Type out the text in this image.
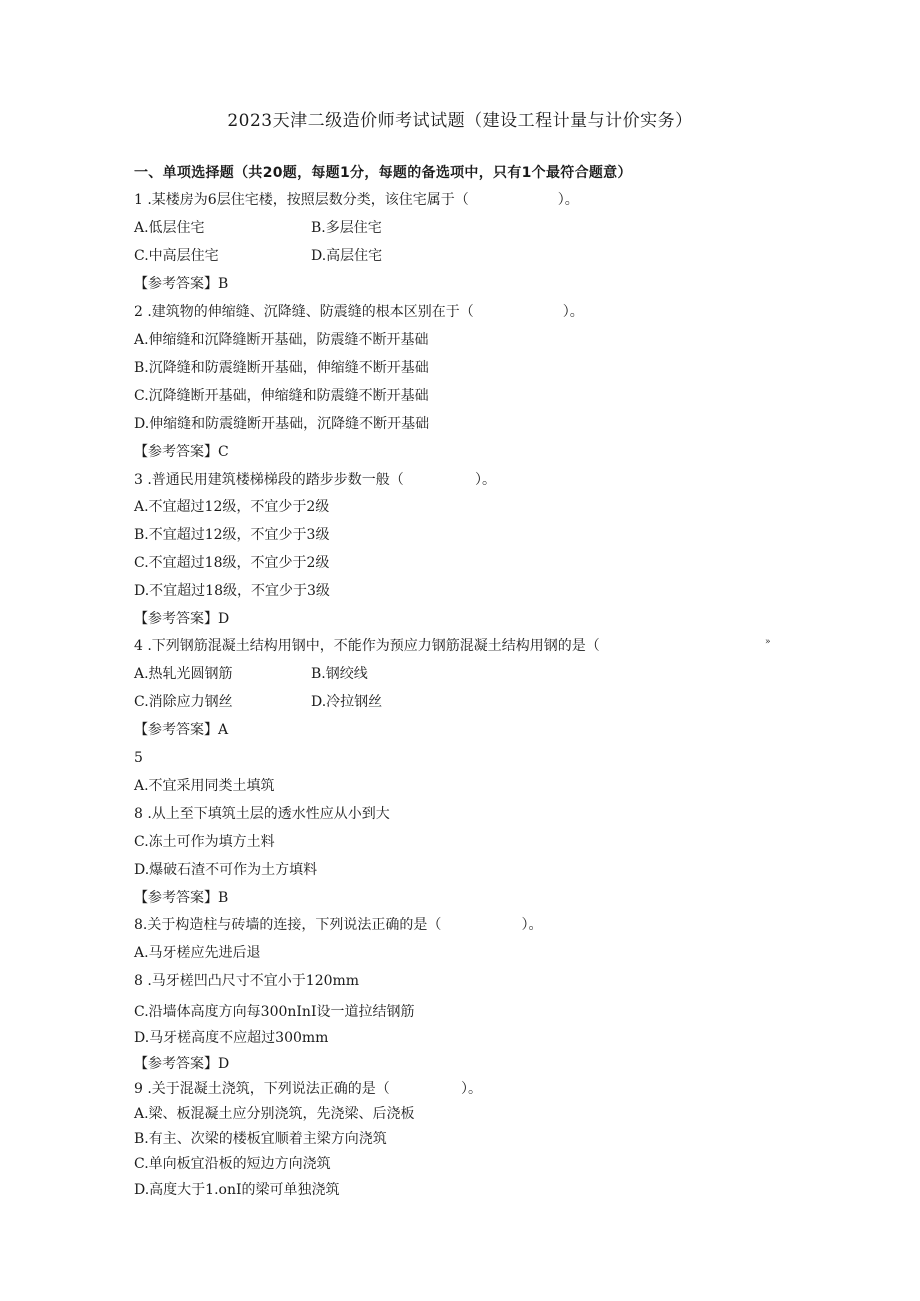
2023天津二级造价师考试试题（建设工程计量与计价实务）
一、单项选择题（共20题，每题1分，每题的备选项中，只有1个最符合题意）
1 .某楼房为6层住宅楼，按照层数分类，该住宅属于（                    ）。
A.低层住宅	B.多层住宅
C.中高层住宅	D.高层住宅
【参考答案】B
2 .建筑物的伸缩缝、沉降缝、防震缝的根本区别在于（                    ）。
A.伸缩缝和沉降缝断开基础，防震缝不断开基础
B.沉降缝和防震缝断开基础，伸缩缝不断开基础
C.沉降缝断开基础，伸缩缝和防震缝不断开基础
D.伸缩缝和防震缝断开基础，沉降缝不断开基础
【参考答案】C
3 .普通民用建筑楼梯梯段的踏步步数一般（                ）。
A.不宜超过12级，不宜少于2级
B.不宜超过12级，不宜少于3级
C.不宜超过18级，不宜少于2级
D.不宜超过18级，不宜少于3级
【参考答案】D
4 .下列钢筋混凝土结构用钢中，不能作为预应力钢筋混凝土结构用钢的是（
A.热轧光圆钢筋	B.钢绞线
C.消除应力钢丝	D.冷拉钢丝
【参考答案】A
5
A.不宜采用同类土填筑
8 .从上至下填筑土层的透水性应从小到大
C.冻土可作为填方土料
D.爆破石渣不可作为土方填料
【参考答案】B
8.关于构造柱与砖墙的连接，下列说法正确的是（                  ）。
A.马牙槎应先进后退
8 .马牙槎凹凸尺寸不宜小于120mm
C.沿墙体高度方向每300nInI设一道拉结钢筋
D.马牙槎高度不应超过300mm
【参考答案】D
9 .关于混凝土浇筑，下列说法正确的是（                ）。
A.梁、板混凝土应分别浇筑，先浇梁、后浇板
B.有主、次梁的楼板宜顺着主梁方向浇筑
C.单向板宜沿板的短边方向浇筑
D.高度大于1.onI的梁可单独浇筑
»
